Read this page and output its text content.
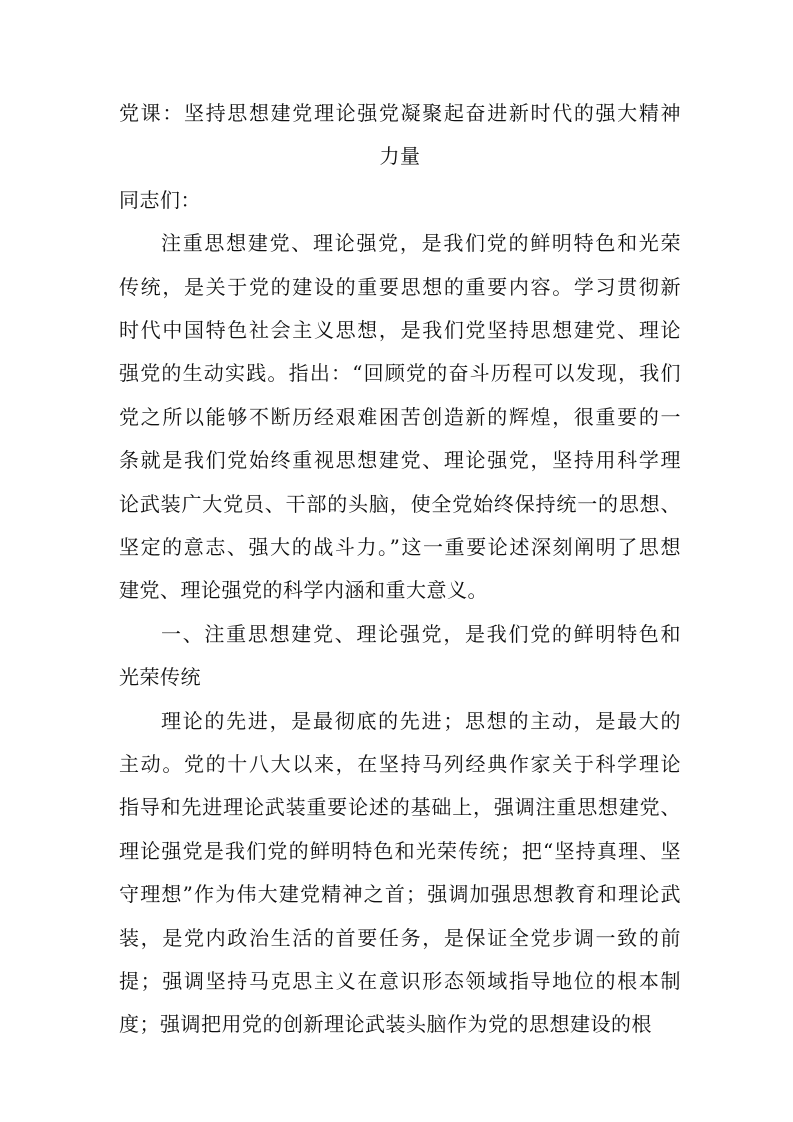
党课：坚持思想建党理论强党凝聚起奋进新时代的强大精神
力量
同志们：
注重思想建党、理论强党，是我们党的鲜明特色和光荣
传统，是关于党的建设的重要思想的重要内容。学习贯彻新
时代中国特色社会主义思想，是我们党坚持思想建党、理论
强党的生动实践。指出：“回顾党的奋斗历程可以发现，我们
党之所以能够不断历经艰难困苦创造新的辉煌，很重要的一
条就是我们党始终重视思想建党、理论强党，坚持用科学理
论武装广大党员、干部的头脑，使全党始终保持统一的思想、
坚定的意志、强大的战斗力。”这一重要论述深刻阐明了思想
建党、理论强党的科学内涵和重大意义。
一、注重思想建党、理论强党，是我们党的鲜明特色和
光荣传统
理论的先进，是最彻底的先进；思想的主动，是最大的
主动。党的十八大以来，在坚持马列经典作家关于科学理论
指导和先进理论武装重要论述的基础上，强调注重思想建党、
理论强党是我们党的鲜明特色和光荣传统；把“坚持真理、坚
守理想”作为伟大建党精神之首；强调加强思想教育和理论武
装，是党内政治生活的首要任务，是保证全党步调一致的前
提；强调坚持马克思主义在意识形态领域指导地位的根本制
度；强调把用党的创新理论武装头脑作为党的思想建设的根
